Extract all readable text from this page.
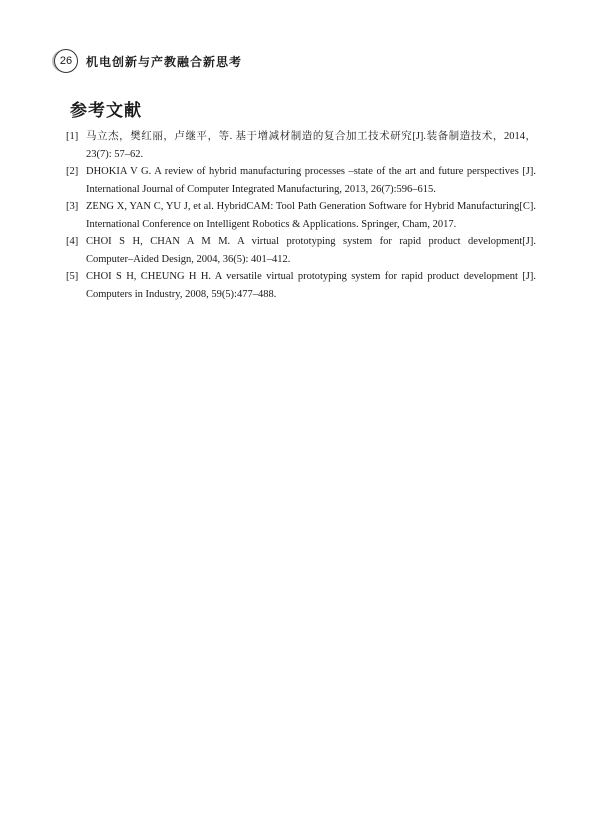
26	机电创新与产教融合新思考
参考文献
[1] 马立杰，樊红丽，卢继平，等. 基于增减材制造的复合加工技术研究[J].装备制造技术，2014，
23(7): 57–62.
[2] DHOKIA V G. A review of hybrid manufacturing processes –state of the art and future perspectives [J].
International Journal of Computer Integrated Manufacturing, 2013, 26(7):596–615.
[3] ZENG X, YAN C, YU J, et al. HybridCAM: Tool Path Generation Software for Hybrid Manufacturing[C].
International Conference on Intelligent Robotics & Applications. Springer, Cham, 2017.
[4] CHOI S H, CHAN A M M. A virtual prototyping system for rapid product development[J].
Computer–Aided Design, 2004, 36(5): 401–412.
[5] CHOI S H, CHEUNG H H. A versatile virtual prototyping system for rapid product development [J].
Computers in Industry, 2008, 59(5):477–488.
